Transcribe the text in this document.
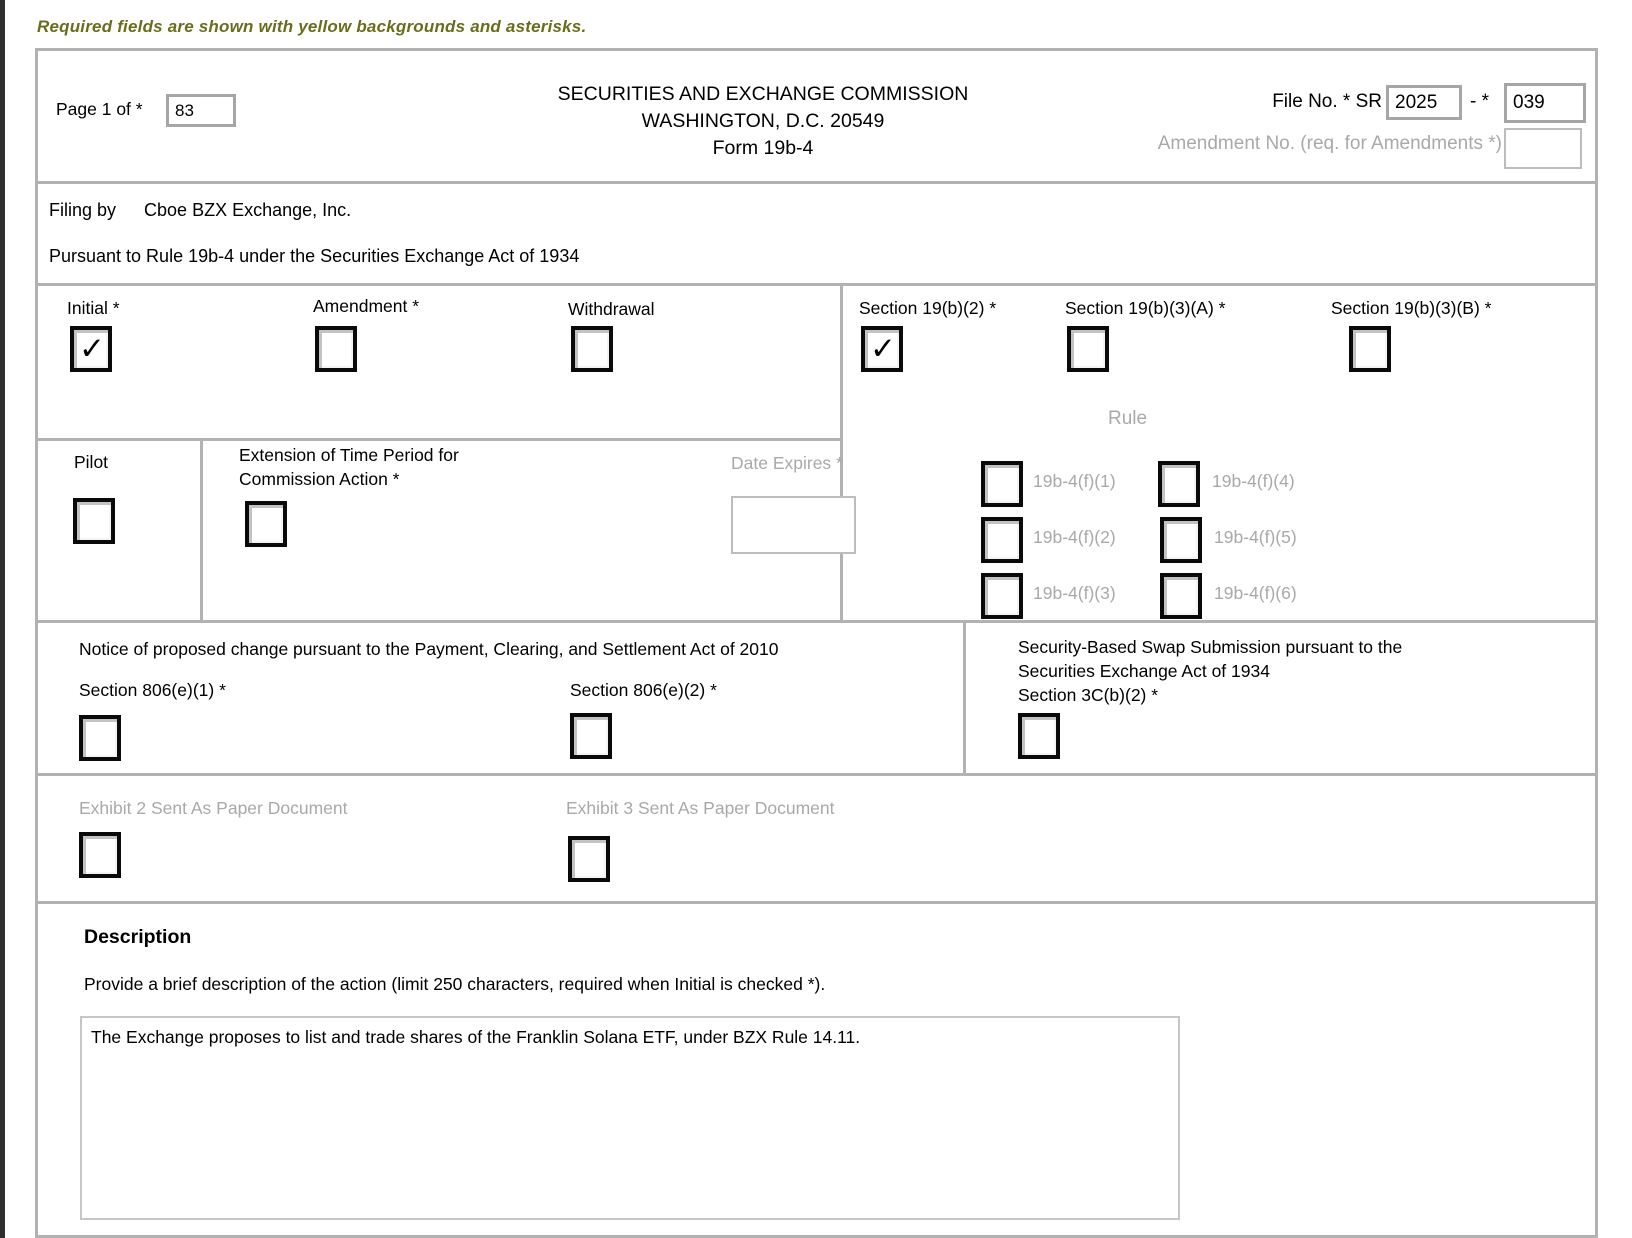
Required fields are shown with yellow backgrounds and asterisks.
Page 1 of *
83
SECURITIES AND EXCHANGE COMMISSION
WASHINGTON, D.C. 20549
Form 19b-4
File No. * SR
2025	- *
039
Amendment No. (req. for Amendments *)
Filing by Cboe BZX Exchange, Inc.
Pursuant to Rule 19b-4 under the Securities Exchange Act of 1934
Initial *
✓
Amendment *	Withdrawal
Pilot	Extension of Time Period for Commission Action *
Date Expires *
Section 19(b)(2) *
✓
Section 19(b)(3)(A) *	Section 19(b)(3)(B) *
Rule
19b-4(f)(1)
19b-4(f)(2)
19b-4(f)(3)
19b-4(f)(4)
19b-4(f)(5)
19b-4(f)(6)
Notice of proposed change pursuant to the Payment, Clearing, and Settlement Act of 2010
Section 806(e)(1) *	Section 806(e)(2) *
Security-Based Swap Submission pursuant to the
Securities Exchange Act of 1934
Section 3C(b)(2) *
Exhibit 2 Sent As Paper Document	Exhibit 3 Sent As Paper Document
Description
Provide a brief description of the action (limit 250 characters, required when Initial is checked *).
The Exchange proposes to list and trade shares of the Franklin Solana ETF, under BZX Rule 14.11.
